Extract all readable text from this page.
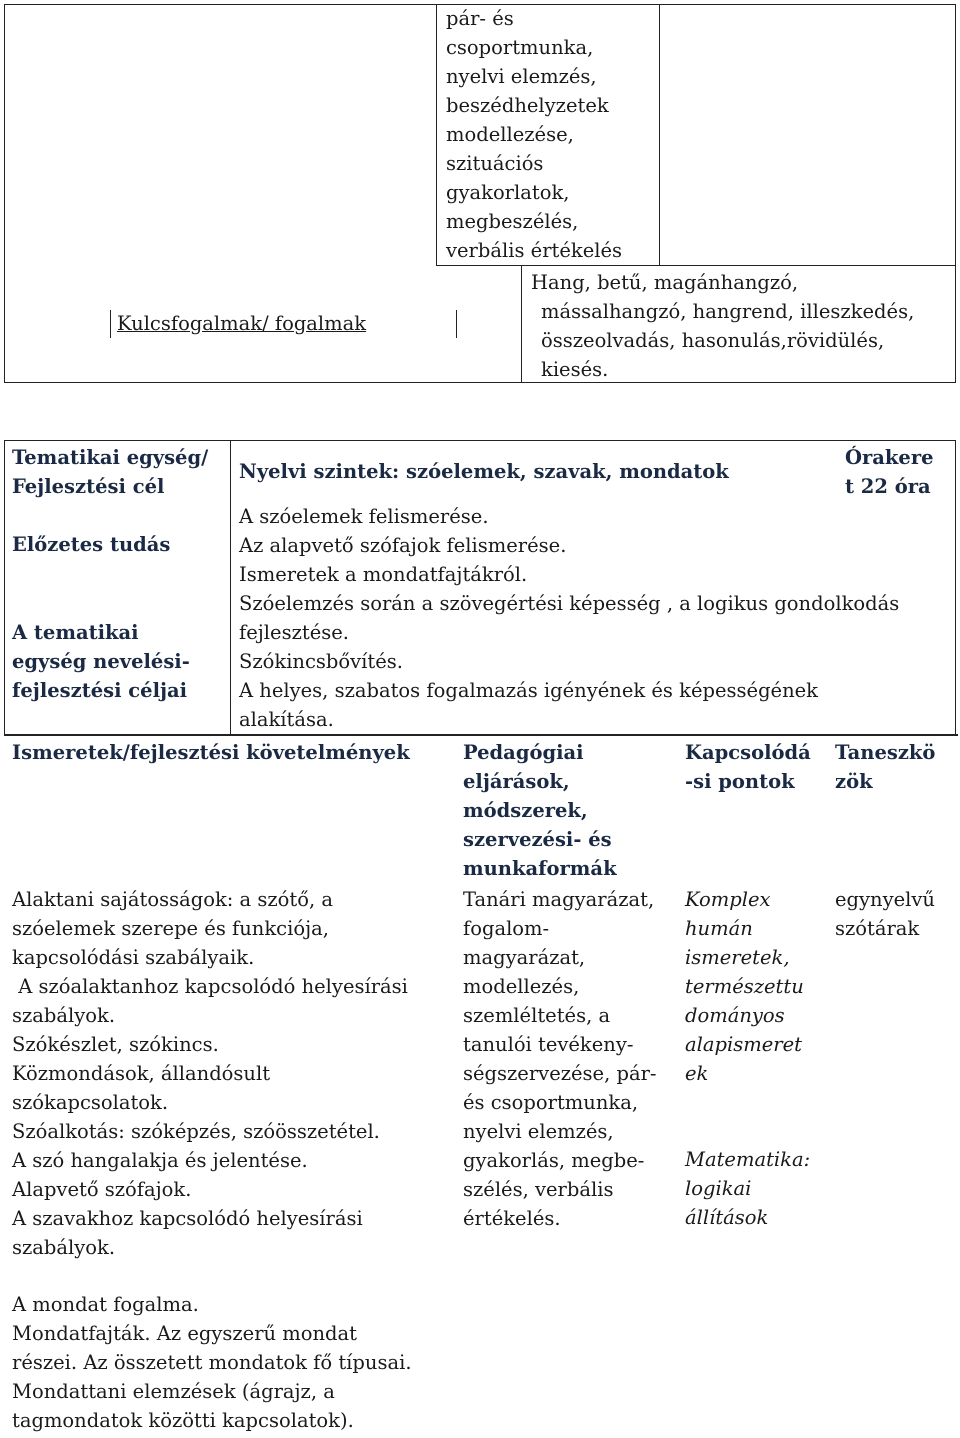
pár- és
csoportmunka,
nyelvi elemzés,
beszédhelyzetek
modellezése,
szituációs
gyakorlatok,
megbeszélés,
verbális értékelés
Kulcsfogalmak/ fogalmak
Hang, betű, magánhangzó,
mássalhangzó, hangrend, illeszkedés,
összeolvadás, hasonulás,rövidülés,
kiesés.
Tematikai egység/
Fejlesztési cél
Nyelvi szintek: szóelemek, szavak, mondatok
Órakere
t 22 óra
Előzetes tudás
A szóelemek felismerése.
Az alapvető szófajok felismerése.
Ismeretek a mondatfajtákról.
A tematikai
egység nevelési-
fejlesztési céljai
Szóelemzés során a szövegértési képesség , a logikus gondolkodás
fejlesztése.
Szókincsbővítés.
A helyes, szabatos fogalmazás igényének és képességének
alakítása.
Ismeretek/fejlesztési követelmények	Pedagógiai
eljárások,
módszerek,
szervezési- és
munkaformák
Kapcsolódá
-si pontok
Taneszkö
zök
Alaktani sajátosságok: a szótő, a
szóelemek szerepe és funkciója,
kapcsolódási szabályaik.
A szóalaktanhoz kapcsolódó helyesírási
szabályok.
Szókészlet, szókincs.
Közmondások, állandósult
szókapcsolatok.
Szóalkotás: szóképzés, szóösszetétel.
A szó hangalakja és jelentése.
Alapvető szófajok.
A szavakhoz kapcsolódó helyesírási
szabályok.
A mondat fogalma.
Mondatfajták. Az egyszerű mondat
részei. Az összetett mondatok fő típusai.
Mondattani elemzések (ágrajz, a
tagmondatok közötti kapcsolatok).
Tanári magyarázat,
fogalom-
magyarázat,
modellezés,
szemléltetés, a
tanulói tevékeny-
ségszervezése, pár-
és csoportmunka,
nyelvi elemzés,
gyakorlás, megbe-
szélés, verbális
értékelés.
Komplex
humán
ismeretek,
természettu
dományos
alapismeret
ek
Matematika:
logikai
állítások
egynyelvű
szótárak
